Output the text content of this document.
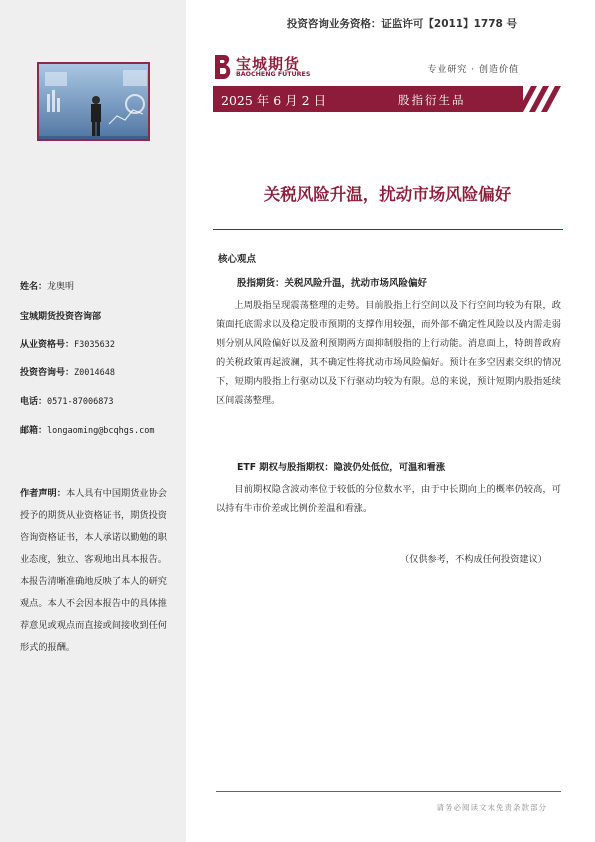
姓名：龙奥明
宝城期货投资咨询部
从业资格号：F3035632
投资咨询号：Z0014648
电话：0571-87006873
邮箱：longaoming@bcqhgs.com
作者声明：本人具有中国期货业协会授予的期货从业资格证书，期货投资咨询资格证书，本人承诺以勤勉的职业态度，独立、客观地出具本报告。本报告清晰准确地反映了本人的研究观点。本人不会因本报告中的具体推荐意见或观点而直接或间接收到任何形式的报酬。
投资咨询业务资格：证监许可【2011】1778 号
宝城期货
BAOCHENG FUTURES	专业研究 · 创造价值
2025 年 6 月 2 日	股指衍生品
关税风险升温，扰动市场风险偏好
核心观点
股指期货：关税风险升温，扰动市场风险偏好
上周股指呈现震荡整理的走势。目前股指上行空间以及下行空间均较为有限，政策面托底需求以及稳定股市预期的支撑作用较强，而外部不确定性风险以及内需走弱则分别从风险偏好以及盈利预期两方面抑制股指的上行动能。消息面上，特朗普政府的关税政策再起波澜，其不确定性将扰动市场风险偏好。预计在多空因素交织的情况下，短期内股指上行驱动以及下行驱动均较为有限。总的来说，预计短期内股指延续区间震荡整理。
ETF 期权与股指期权：隐波仍处低位，可温和看涨
目前期权隐含波动率位于较低的分位数水平，由于中长期向上的概率仍较高，可以持有牛市价差或比例价差温和看涨。
（仅供参考，不构成任何投资建议）
请务必阅读文末免责条款部分
